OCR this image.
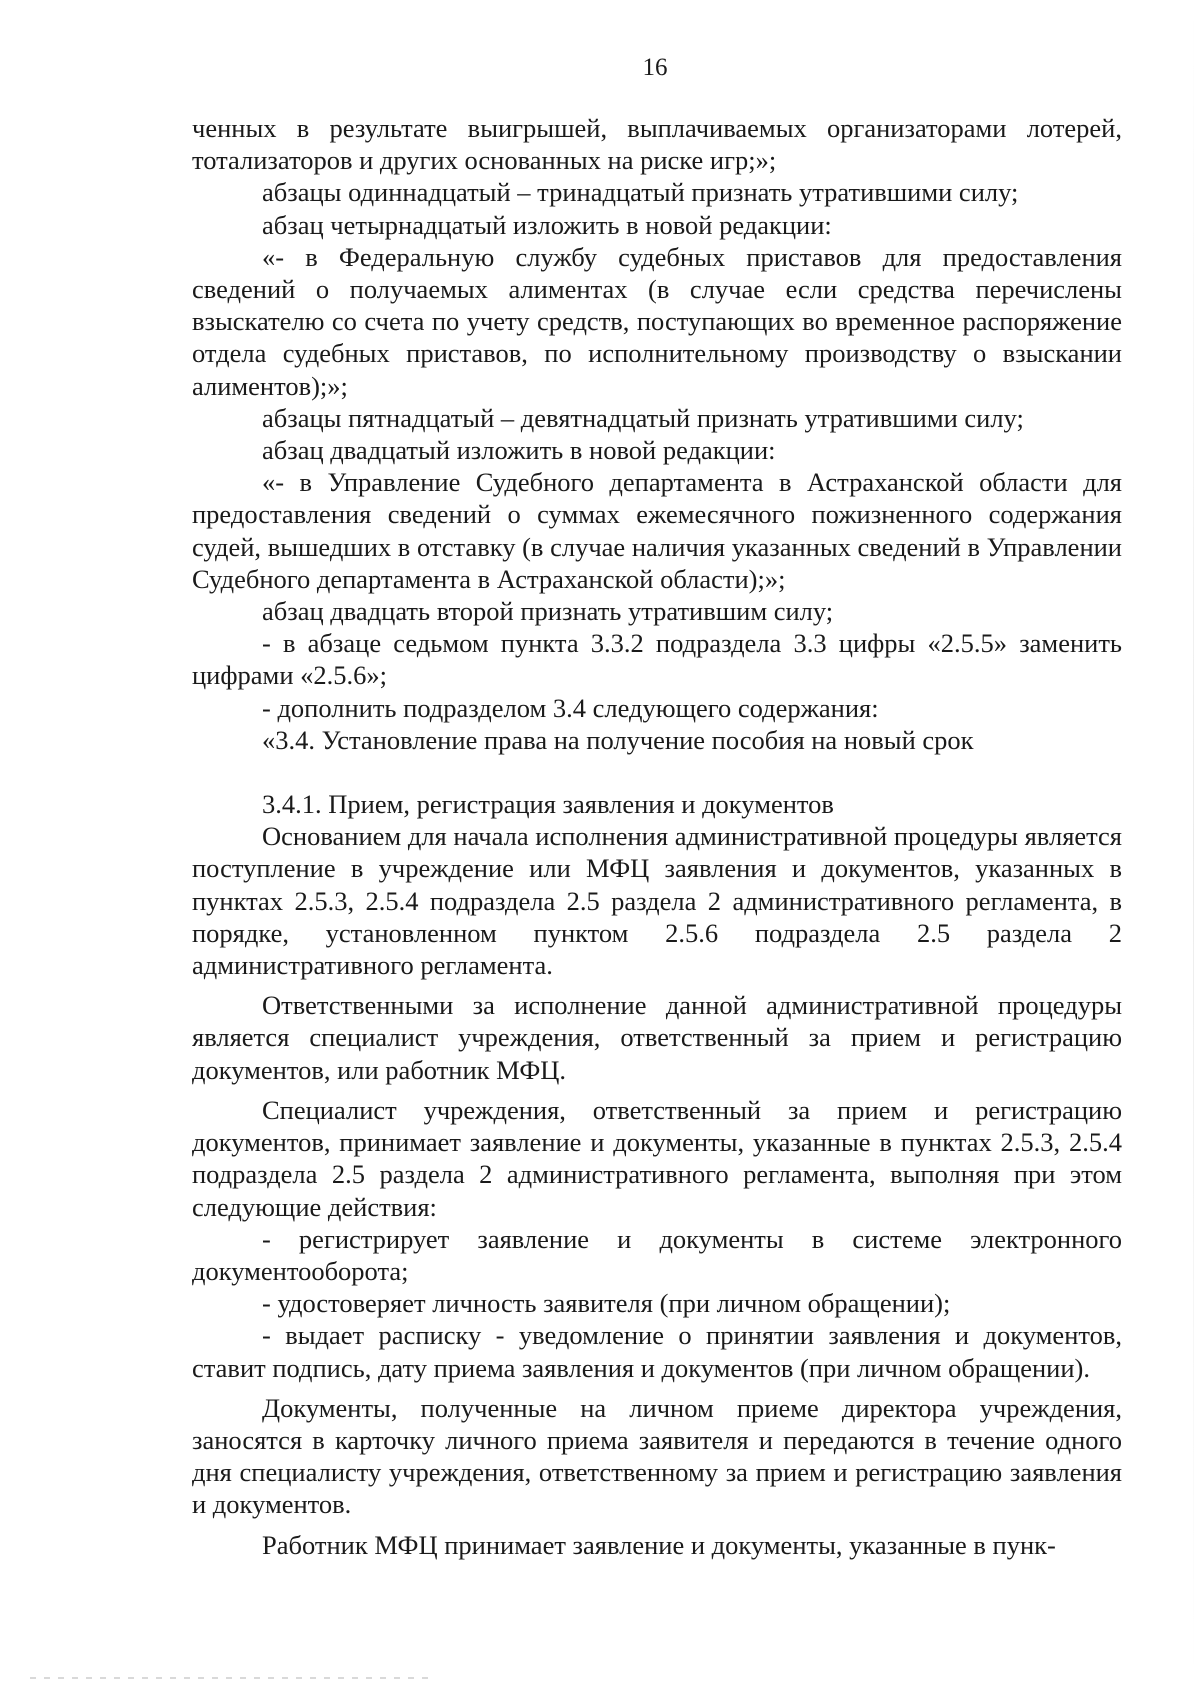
16

ченных в результате выигрышей, выплачиваемых организаторами лотерей, тотализаторов и других основанных на риске игр;»;

абзацы одиннадцатый – тринадцатый признать утратившими силу;

абзац четырнадцатый изложить в новой редакции:

«- в Федеральную службу судебных приставов для предоставления сведений о получаемых алиментах (в случае если средства перечислены взыскателю со счета по учету средств, поступающих во временное распоряжение отдела судебных приставов, по исполнительному производству о взыскании алиментов);»;

абзацы пятнадцатый – девятнадцатый признать утратившими силу;

абзац двадцатый изложить в новой редакции:

«- в Управление Судебного департамента в Астраханской области для предоставления сведений о суммах ежемесячного пожизненного содержания судей, вышедших в отставку (в случае наличия указанных сведений в Управлении Судебного департамента в Астраханской области);»;

абзац двадцать второй признать утратившим силу;

- в абзаце седьмом пункта 3.3.2 подраздела 3.3 цифры «2.5.5» заменить цифрами «2.5.6»;

- дополнить подразделом 3.4 следующего содержания:

«3.4. Установление права на получение пособия на новый срок

3.4.1. Прием, регистрация заявления и документов

Основанием для начала исполнения административной процедуры является поступление в учреждение или МФЦ заявления и документов, указанных в пунктах 2.5.3, 2.5.4 подраздела 2.5 раздела 2 административного регламента, в порядке, установленном пунктом 2.5.6 подраздела 2.5 раздела 2 административного регламента.

Ответственными за исполнение данной административной процедуры является специалист учреждения, ответственный за прием и регистрацию документов, или работник МФЦ.

Специалист учреждения, ответственный за прием и регистрацию документов, принимает заявление и документы, указанные в пунктах 2.5.3, 2.5.4 подраздела 2.5 раздела 2 административного регламента, выполняя при этом следующие действия:

- регистрирует заявление и документы в системе электронного документооборота;

- удостоверяет личность заявителя (при личном обращении);

- выдает расписку - уведомление о принятии заявления и документов, ставит подпись, дату приема заявления и документов (при личном обращении).

Документы, полученные на личном приеме директора учреждения, заносятся в карточку личного приема заявителя и передаются в течение одного дня специалисту учреждения, ответственному за прием и регистрацию заявления и документов.

Работник МФЦ принимает заявление и документы, указанные в пунк-
